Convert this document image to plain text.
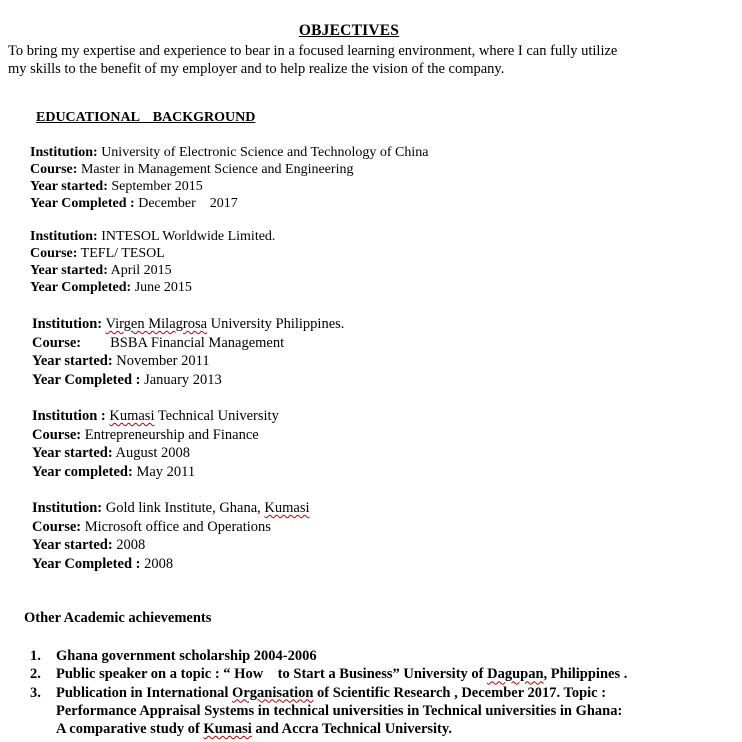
OBJECTIVES
To bring my expertise and experience to bear in a focused learning environment, where I can fully utilize
my skills to the benefit of my employer and to help realize the vision of the company.
EDUCATIONAL BACKGROUND
Institution: University of Electronic Science and Technology of China
Course: Master in Management Science and Engineering
Year started: September 2015
Year Completed : December    2017
Institution: INTESOL Worldwide Limited.
Course: TEFL/ TESOL
Year started: April 2015
Year Completed: June 2015
Institution: Virgen Milagrosa University Philippines.
Course:        BSBA Financial Management
Year started: November 2011
Year Completed : January 2013
Institution : Kumasi Technical University
Course: Entrepreneurship and Finance
Year started: August 2008
Year completed: May 2011
Institution: Gold link Institute, Ghana, Kumasi
Course: Microsoft office and Operations
Year started: 2008
Year Completed : 2008
Other Academic achievements
1. Ghana government scholarship 2004-2006
2. Public speaker on a topic : “ How    to Start a Business” University of Dagupan, Philippines .
3. Publication in International Organisation of Scientific Research , December 2017. Topic :
Performance Appraisal Systems in technical universities in Technical universities in Ghana:
A comparative study of Kumasi and Accra Technical University.
